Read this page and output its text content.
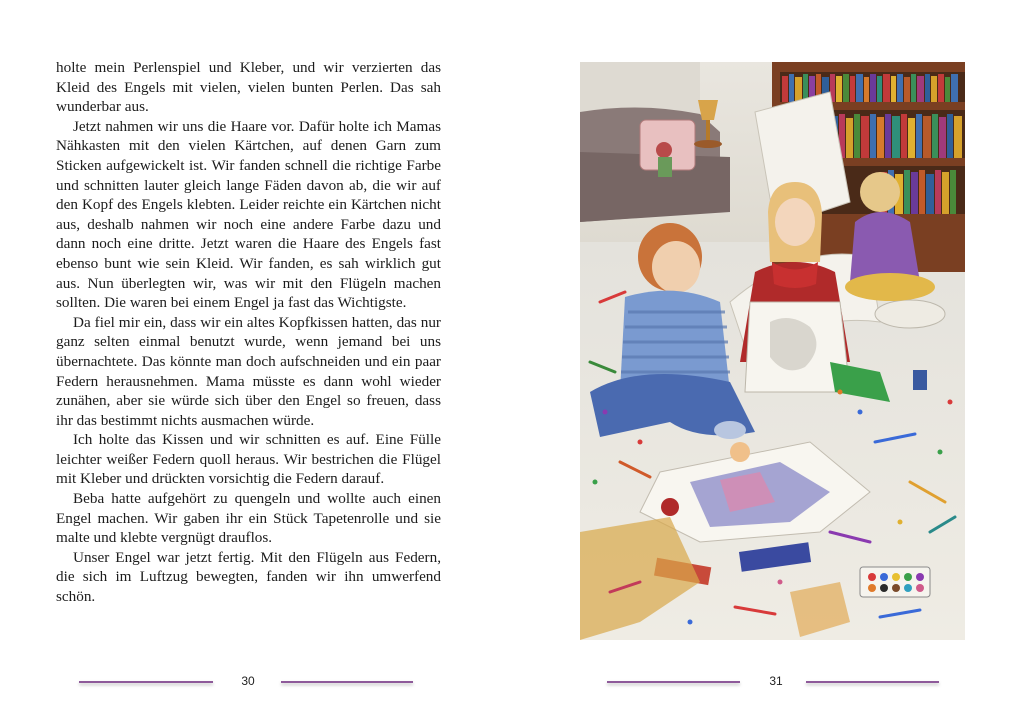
holte mein Perlenspiel und Kleber, und wir verzierten das Kleid des Engels mit vielen, vielen bunten Perlen. Das sah wunderbar aus.

Jetzt nahmen wir uns die Haare vor. Dafür holte ich Mamas Nähkasten mit den vielen Kärtchen, auf denen Garn zum Sticken aufgewickelt ist. Wir fanden schnell die richtige Farbe und schnitten lauter gleich lange Fäden davon ab, die wir auf den Kopf des Engels klebten. Leider reichte ein Kärtchen nicht aus, deshalb nahmen wir noch eine andere Farbe dazu und dann noch eine dritte. Jetzt waren die Haare des Engels fast ebenso bunt wie sein Kleid. Wir fanden, es sah wirklich gut aus. Nun überlegten wir, was wir mit den Flügeln machen sollten. Die waren bei einem Engel ja fast das Wichtigste.

Da fiel mir ein, dass wir ein altes Kopfkissen hatten, das nur ganz selten einmal benutzt wurde, wenn jemand bei uns übernachtete. Das könnte man doch aufschneiden und ein paar Federn herausnehmen. Mama müsste es dann wohl wieder zunähen, aber sie würde sich über den Engel so freuen, dass ihr das bestimmt nichts ausmachen würde.

Ich holte das Kissen und wir schnitten es auf. Eine Fülle leichter weißer Federn quoll heraus. Wir bestrichen die Flügel mit Kleber und drückten vorsichtig die Federn darauf.

Beba hatte aufgehört zu quengeln und wollte auch einen Engel machen. Wir gaben ihr ein Stück Tapetenrolle und sie malte und klebte vergnügt drauflos.

Unser Engel war jetzt fertig. Mit den Flügeln aus Federn, die sich im Luftzug bewegten, fanden wir ihn umwerfend schön.

30	31
